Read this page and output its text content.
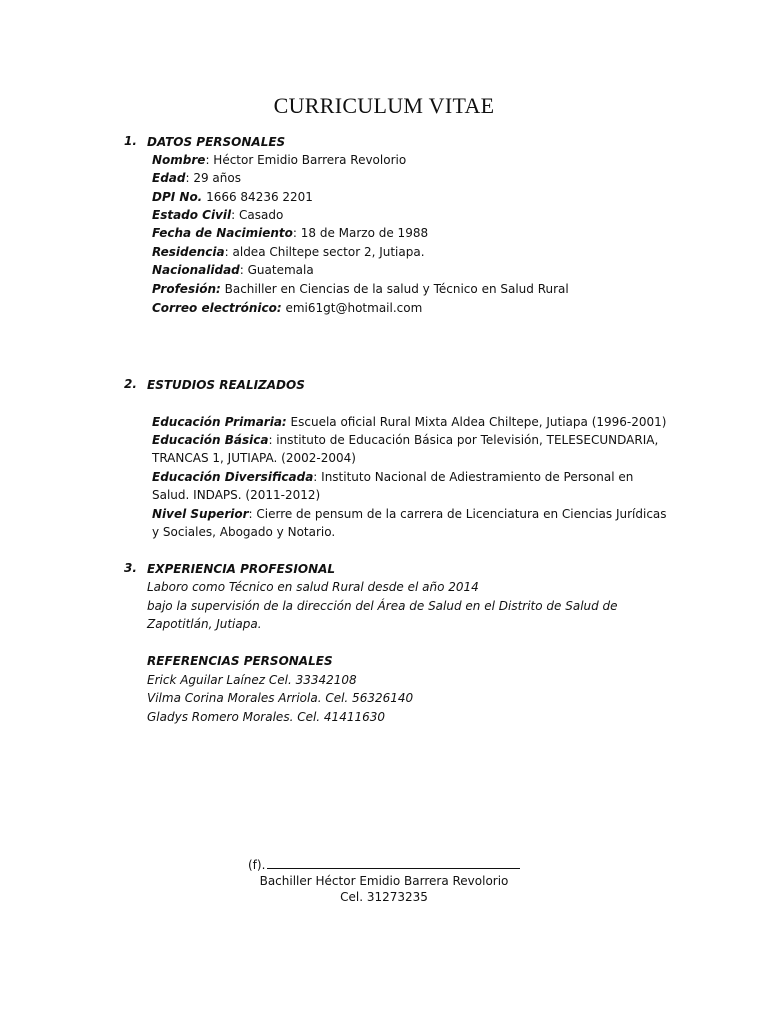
CURRICULUM VITAE
1. DATOS PERSONALES
Nombre: Héctor Emidio Barrera Revolorio
Edad: 29 años
DPI No. 1666 84236 2201
Estado Civil: Casado
Fecha de Nacimiento: 18 de Marzo de 1988
Residencia: aldea Chiltepe sector 2, Jutiapa.
Nacionalidad: Guatemala
Profesión: Bachiller en Ciencias de la salud y Técnico en Salud Rural
Correo electrónico: emi61gt@hotmail.com
2. ESTUDIOS REALIZADOS
Educación Primaria: Escuela oficial Rural Mixta Aldea Chiltepe, Jutiapa (1996-2001)
Educación Básica: instituto de Educación Básica por Televisión, TELESECUNDARIA,
TRANCAS 1, JUTIAPA. (2002-2004)
Educación Diversificada: Instituto Nacional de Adiestramiento de Personal en
Salud. INDAPS. (2011-2012)
Nivel Superior: Cierre de pensum de la carrera de Licenciatura en Ciencias Jurídicas
y Sociales, Abogado y Notario.
3. EXPERIENCIA PROFESIONAL
Laboro como Técnico en salud Rural desde el año 2014
bajo la supervisión de la dirección del Área de Salud en el Distrito de Salud de
Zapotitlán, Jutiapa.
REFERENCIAS PERSONALES
Erick Aguilar Laínez Cel. 33342108
Vilma Corina Morales Arriola. Cel. 56326140
Gladys Romero Morales. Cel. 41411630
(f).
Bachiller Héctor Emidio Barrera Revolorio
Cel. 31273235
